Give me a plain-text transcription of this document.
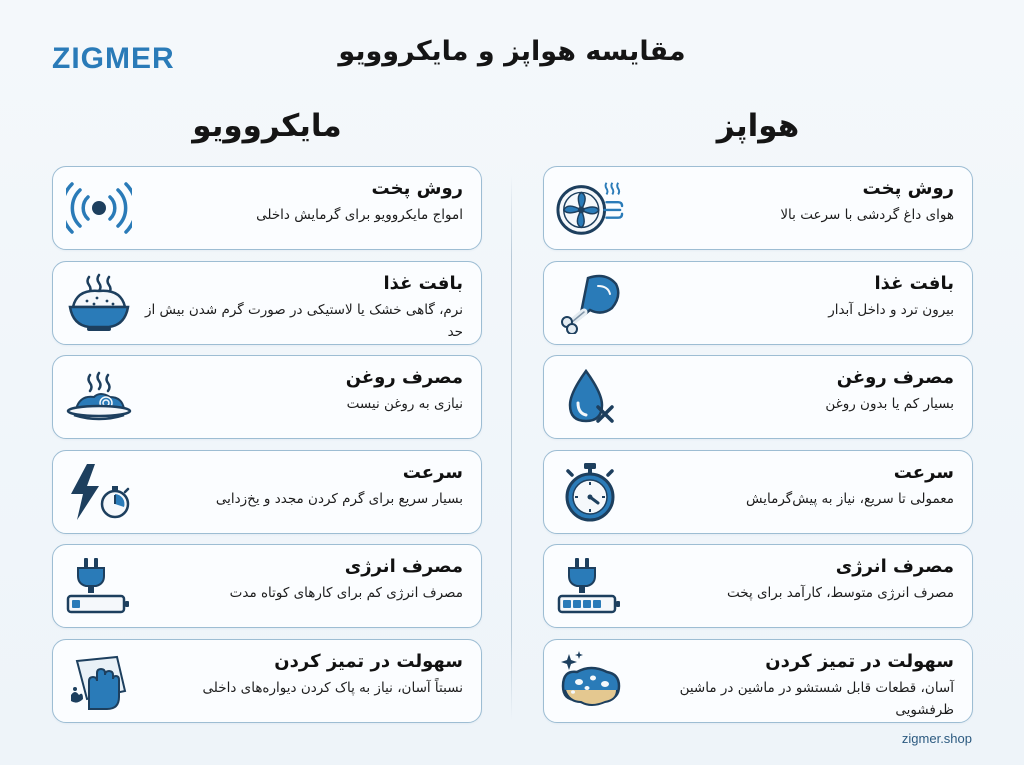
ZIGMER	مقایسه هواپز و مایکروویو
مایکروویو	هواپز
روش پخت
امواج مایکروویو برای گرمایش داخلی
بافت غذا
نرم، گاهی خشک یا لاستیکی در صورت گرم شدن بیش از حد
مصرف روغن
نیازی به روغن نیست
سرعت
بسیار سریع برای گرم کردن مجدد و یخ‌زدایی
مصرف انرژی
مصرف انرژی کم برای کارهای کوتاه مدت
سهولت در تمیز کردن
نسبتاً آسان، نیاز به پاک کردن دیواره‌های داخلی
روش پخت
هوای داغ گردشی با سرعت بالا
بافت غذا
بیرون ترد و داخل آبدار
مصرف روغن
بسیار کم یا بدون روغن
سرعت
معمولی تا سریع، نیاز به پیش‌گرمایش
مصرف انرژی
مصرف انرژی متوسط، کارآمد برای پخت
سهولت در تمیز کردن
آسان، قطعات قابل شستشو در ماشین در ماشین ظرفشویی
zigmer.shop
